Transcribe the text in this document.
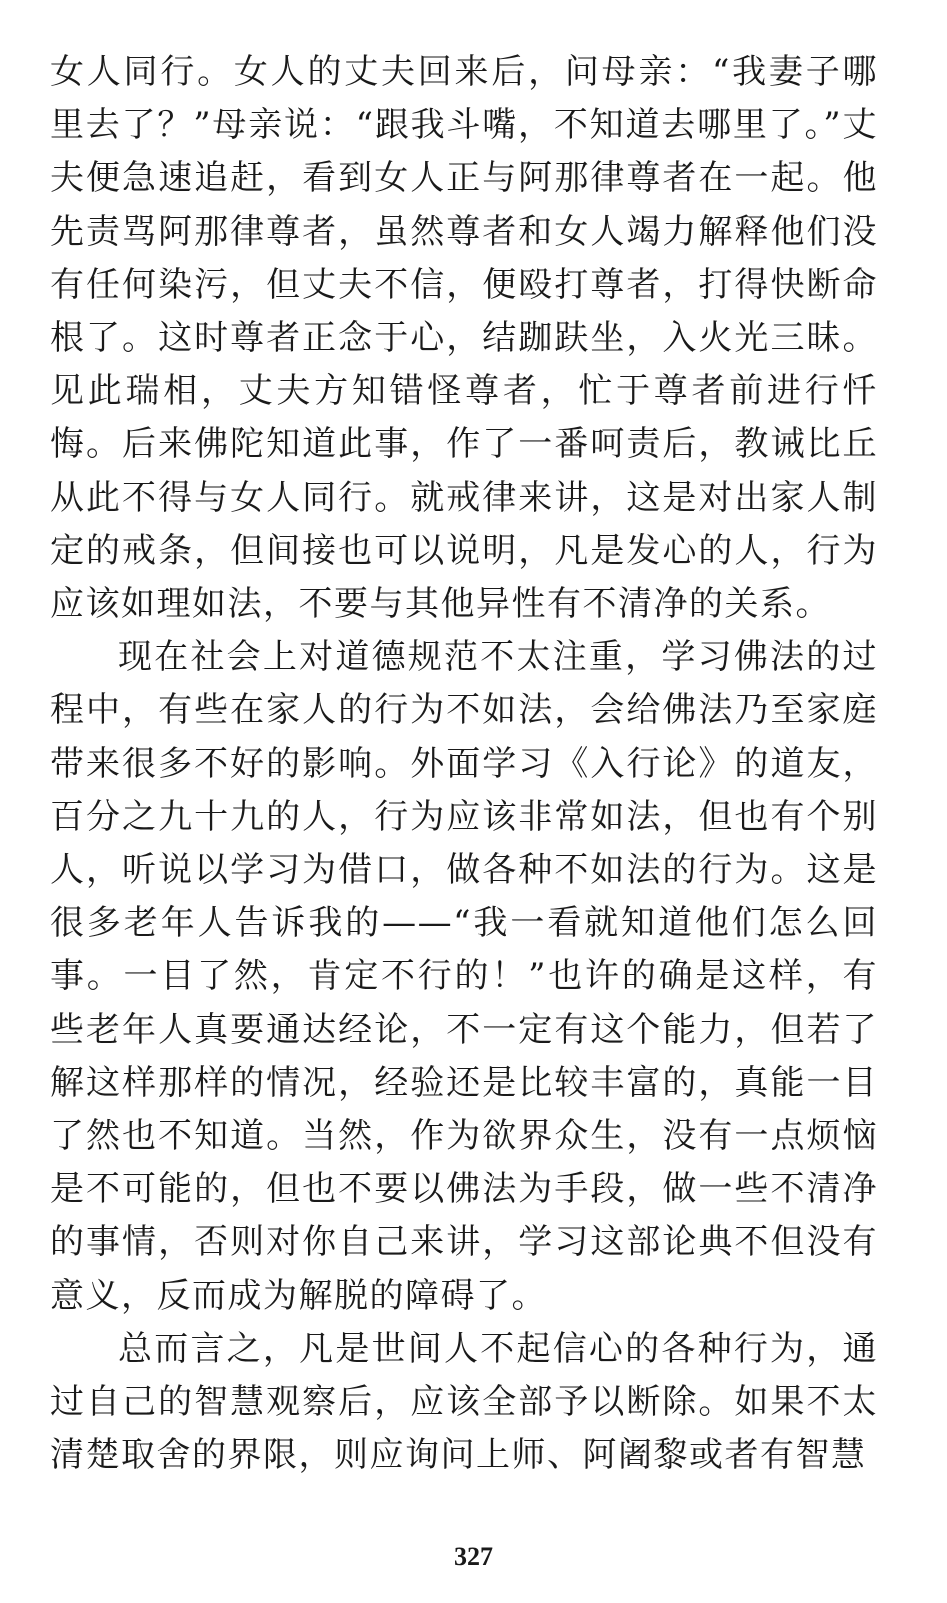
女人同行。女人的丈夫回来后，问母亲：“我妻子哪里去了？”母亲说：“跟我斗嘴，不知道去哪里了。”丈夫便急速追赶，看到女人正与阿那律尊者在一起。他先责骂阿那律尊者，虽然尊者和女人竭力解释他们没有任何染污，但丈夫不信，便殴打尊者，打得快断命根了。这时尊者正念于心，结跏趺坐，入火光三昧。见此瑞相，丈夫方知错怪尊者，忙于尊者前进行忏悔。后来佛陀知道此事，作了一番呵责后，教诫比丘从此不得与女人同行。就戒律来讲，这是对出家人制定的戒条，但间接也可以说明，凡是发心的人，行为应该如理如法，不要与其他异性有不清净的关系。

现在社会上对道德规范不太注重，学习佛法的过程中，有些在家人的行为不如法，会给佛法乃至家庭带来很多不好的影响。外面学习《入行论》的道友，百分之九十九的人，行为应该非常如法，但也有个别人，听说以学习为借口，做各种不如法的行为。这是很多老年人告诉我的——“我一看就知道他们怎么回事。一目了然，肯定不行的！”也许的确是这样，有些老年人真要通达经论，不一定有这个能力，但若了解这样那样的情况，经验还是比较丰富的，真能一目了然也不知道。当然，作为欲界众生，没有一点烦恼是不可能的，但也不要以佛法为手段，做一些不清净的事情，否则对你自己来讲，学习这部论典不但没有意义，反而成为解脱的障碍了。

总而言之，凡是世间人不起信心的各种行为，通过自己的智慧观察后，应该全部予以断除。如果不太清楚取舍的界限，则应询问上师、阿阇黎或者有智慧

327
